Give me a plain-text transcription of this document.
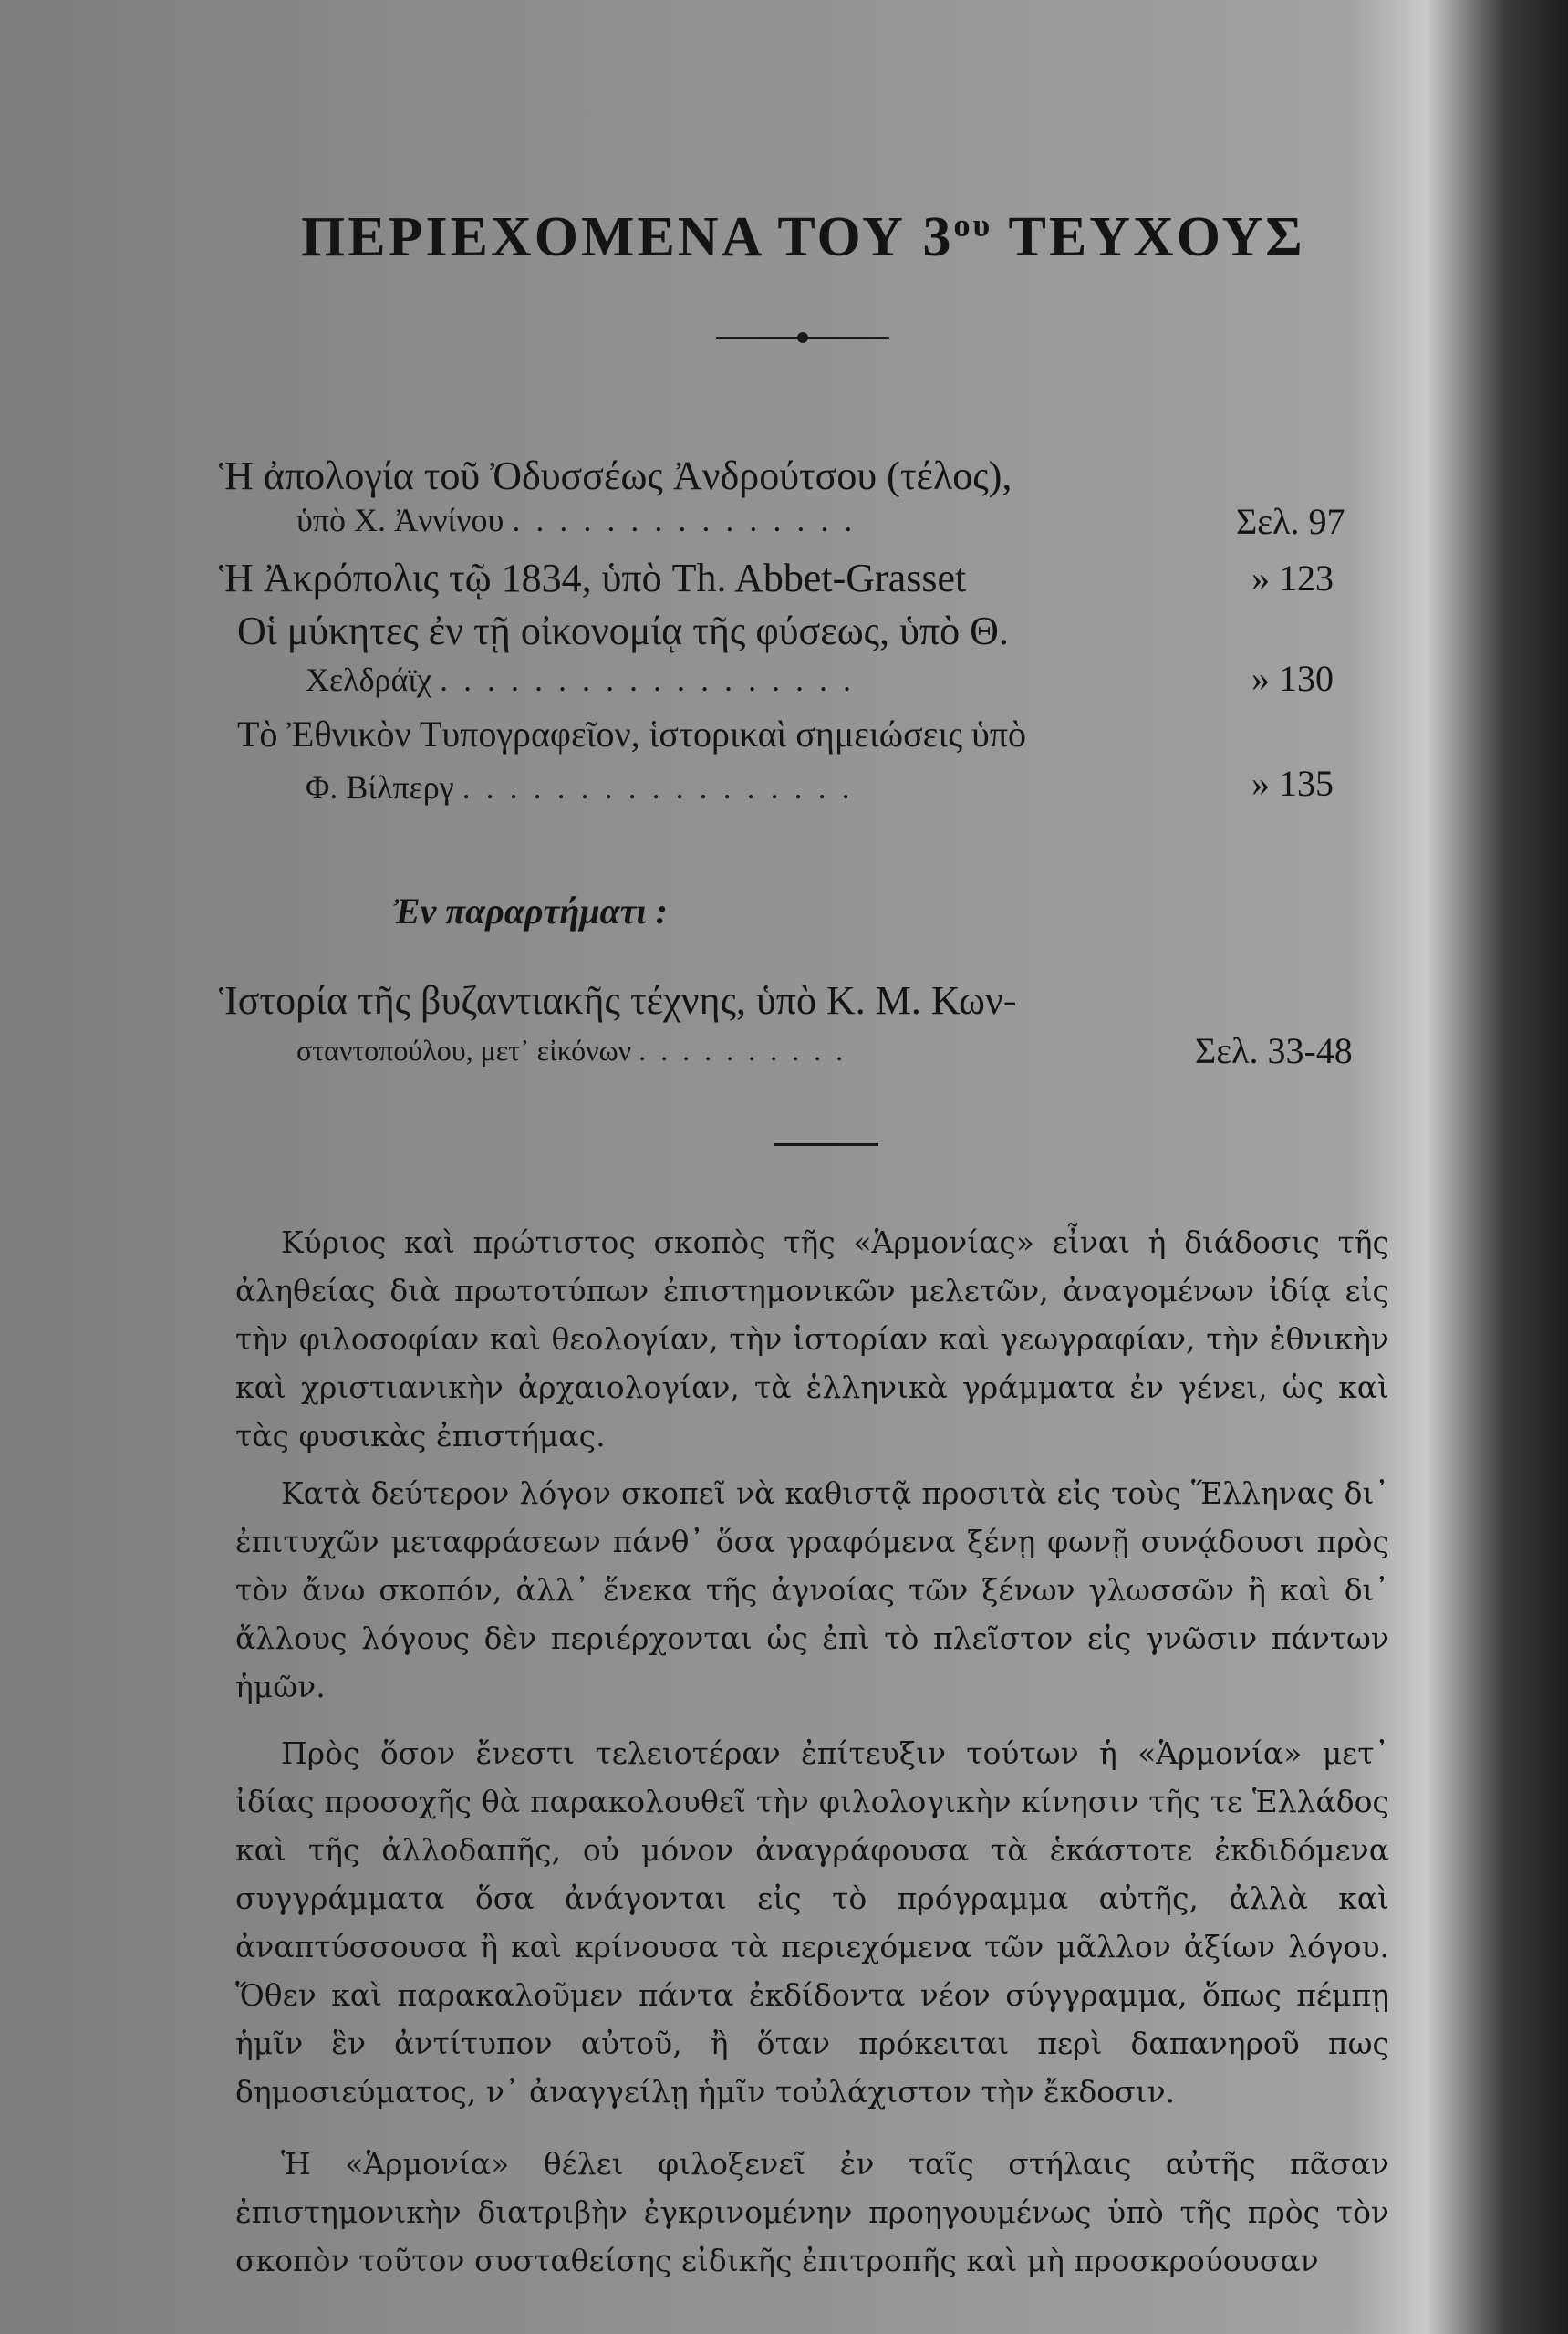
ΠΕΡΙΕΧΟΜΕΝΑ ΤΟΥ $3^{o\upsilon}$ ΤΕΥΧΟΥΣ
Ἡ ἀπολογία τοῦ Ὀδυσσέως Ἀνδρούτσου (τέλος),
ὑπὸ Χ. Ἀννίνου . . . . . . . . . . . . . . .	Σελ. 97
Ἡ Ἀκρόπολις τῷ 1834, ὑπὸ Th. Abbet-Grasset	» 123
Οἱ μύκητες ἐν τῇ οἰκονομίᾳ τῆς φύσεως, ὑπὸ Θ.
Χελδράϊχ . . . . . . . . . . . . . . . . . .	» 130
Τὸ Ἐθνικὸν Τυπογραφεῖον, ἱστορικαὶ σημειώσεις ὑπὸ
Φ. Βίλπεργ . . . . . . . . . . . . . . . . .	» 135
Ἐν παραρτήματι :
Ἱστορία τῆς βυζαντιακῆς τέχνης, ὑπὸ Κ. Μ. Κων-
σταντοπούλου, μετ᾽ εἰκόνων . . . . . . . . . .	Σελ. 33-48
Κύριος καὶ πρώτιστος σκοπὸς τῆς «Ἁρμονίας» εἶναι ἡ διάδοσις τῆς ἀληθείας διὰ πρωτοτύπων ἐπιστημονικῶν μελετῶν, ἀναγομένων ἰδίᾳ εἰς τὴν φιλοσοφίαν καὶ θεολογίαν, τὴν ἱστορίαν καὶ γεωγραφίαν, τὴν ἐθνικὴν καὶ χριστιανικὴν ἀρχαιολογίαν, τὰ ἑλληνικὰ γράμματα ἐν γένει, ὡς καὶ τὰς φυσικὰς ἐπιστήμας.
Κατὰ δεύτερον λόγον σκοπεῖ νὰ καθιστᾷ προσιτὰ εἰς τοὺς Ἕλληνας δι᾽ ἐπιτυχῶν μεταφράσεων πάνθ᾽ ὅσα γραφόμενα ξένῃ φωνῇ συνᾴδουσι πρὸς τὸν ἄνω σκοπόν, ἀλλ᾽ ἕνεκα τῆς ἀγνοίας τῶν ξένων γλωσσῶν ἢ καὶ δι᾽ ἄλλους λόγους δὲν περιέρχονται ὡς ἐπὶ τὸ πλεῖστον εἰς γνῶσιν πάντων ἡμῶν.
Πρὸς ὅσον ἔνεστι τελειοτέραν ἐπίτευξιν τούτων ἡ «Ἁρμονία» μετ᾽ ἰδίας προσοχῆς θὰ παρακολουθεῖ τὴν φιλολογικὴν κίνησιν τῆς τε Ἑλλάδος καὶ τῆς ἀλλοδαπῆς, οὐ μόνον ἀναγράφουσα τὰ ἑκάστοτε ἐκδιδόμενα συγγράμματα ὅσα ἀνάγονται εἰς τὸ πρόγραμμα αὐτῆς, ἀλλὰ καὶ ἀναπτύσσουσα ἢ καὶ κρίνουσα τὰ περιεχόμενα τῶν μᾶλλον ἀξίων λόγου. Ὅθεν καὶ παρακαλοῦμεν πάντα ἐκδίδοντα νέον σύγγραμμα, ὅπως πέμπῃ ἡμῖν ἓν ἀντίτυπον αὐτοῦ, ἢ ὅταν πρόκειται περὶ δαπανηροῦ πως δημοσιεύματος, ν᾽ ἀναγγείλῃ ἡμῖν τοὐλάχιστον τὴν ἔκδοσιν.
Ἡ «Ἁρμονία» θέλει φιλοξενεῖ ἐν ταῖς στήλαις αὐτῆς πᾶσαν ἐπιστημονικὴν διατριβὴν ἐγκρινομένην προηγουμένως ὑπὸ τῆς πρὸς τὸν σκοπὸν τοῦτον συσταθείσης εἰδικῆς ἐπιτροπῆς καὶ μὴ προσκρούουσαν
